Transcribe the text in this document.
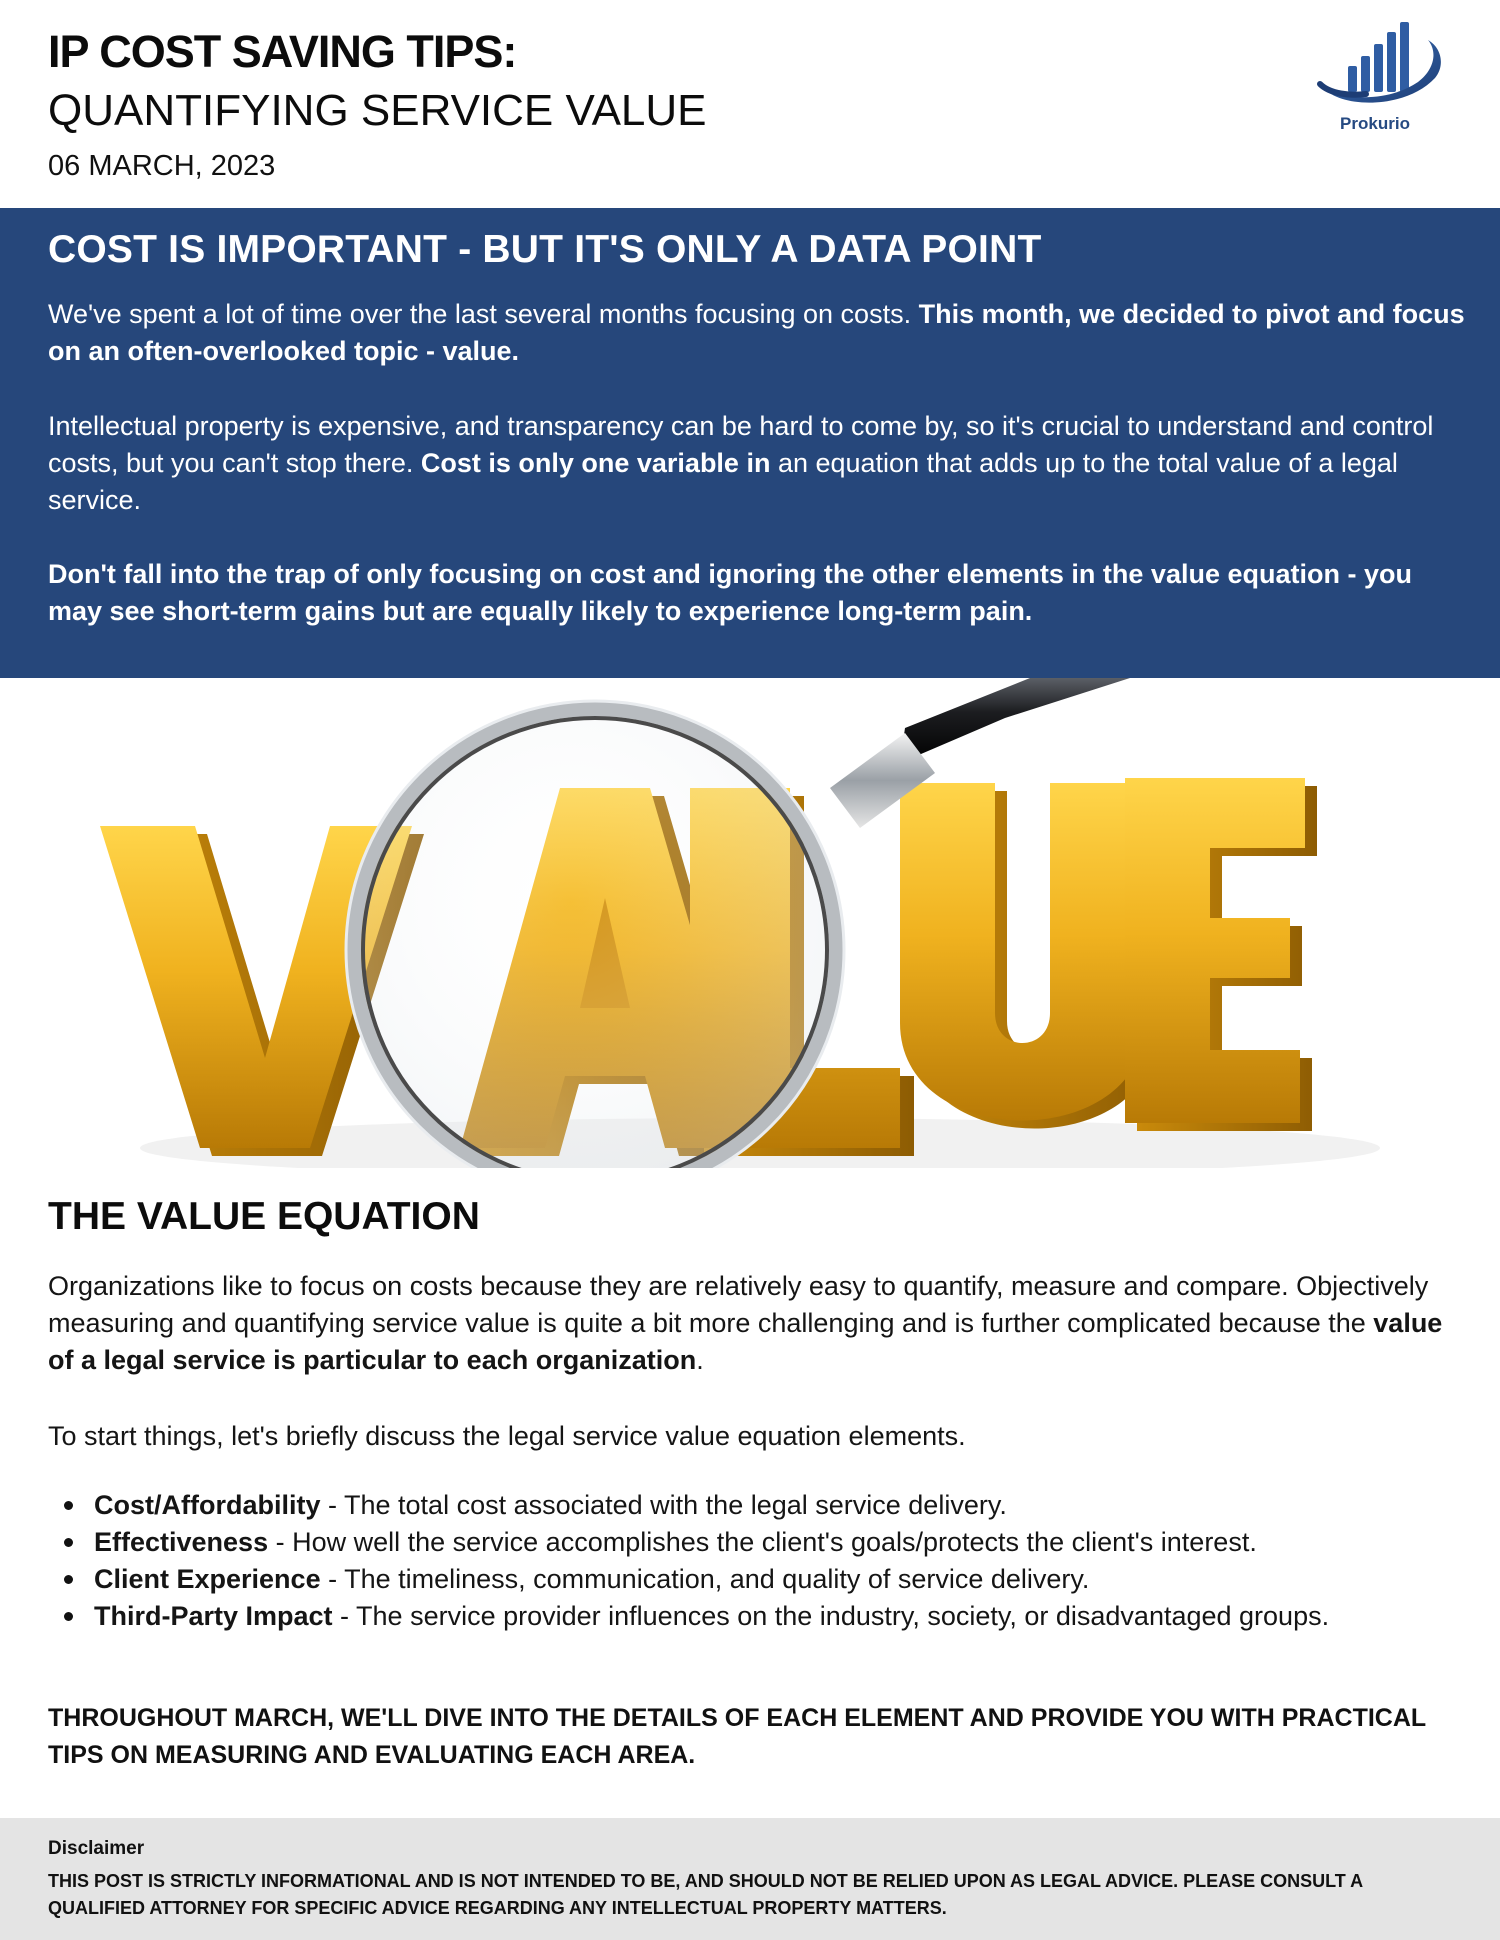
IP COST SAVING TIPS:
QUANTIFYING SERVICE VALUE
06 MARCH, 2023
Prokurio
COST IS IMPORTANT - BUT IT'S ONLY A DATA POINT

We've spent a lot of time over the last several months focusing on costs. This month, we decided to pivot and focus on an often-overlooked topic - value.

Intellectual property is expensive, and transparency can be hard to come by, so it's crucial to understand and control costs, but you can't stop there. Cost is only one variable in an equation that adds up to the total value of a legal service.

Don't fall into the trap of only focusing on cost and ignoring the other elements in the value equation - you may see short-term gains but are equally likely to experience long-term pain.

THE VALUE EQUATION

Organizations like to focus on costs because they are relatively easy to quantify, measure and compare. Objectively measuring and quantifying service value is quite a bit more challenging and is further complicated because the value of a legal service is particular to each organization.

To start things, let's briefly discuss the legal service value equation elements.

Cost/Affordability - The total cost associated with the legal service delivery.
Effectiveness - How well the service accomplishes the client's goals/protects the client's interest.
Client Experience - The timeliness, communication, and quality of service delivery.
Third-Party Impact - The service provider influences on the industry, society, or disadvantaged groups.

THROUGHOUT MARCH, WE'LL DIVE INTO THE DETAILS OF EACH ELEMENT AND PROVIDE YOU WITH PRACTICAL TIPS ON MEASURING AND EVALUATING EACH AREA.

Disclaimer

THIS POST IS STRICTLY INFORMATIONAL AND IS NOT INTENDED TO BE, AND SHOULD NOT BE RELIED UPON AS LEGAL ADVICE. PLEASE CONSULT A QUALIFIED ATTORNEY FOR SPECIFIC ADVICE REGARDING ANY INTELLECTUAL PROPERTY MATTERS.
